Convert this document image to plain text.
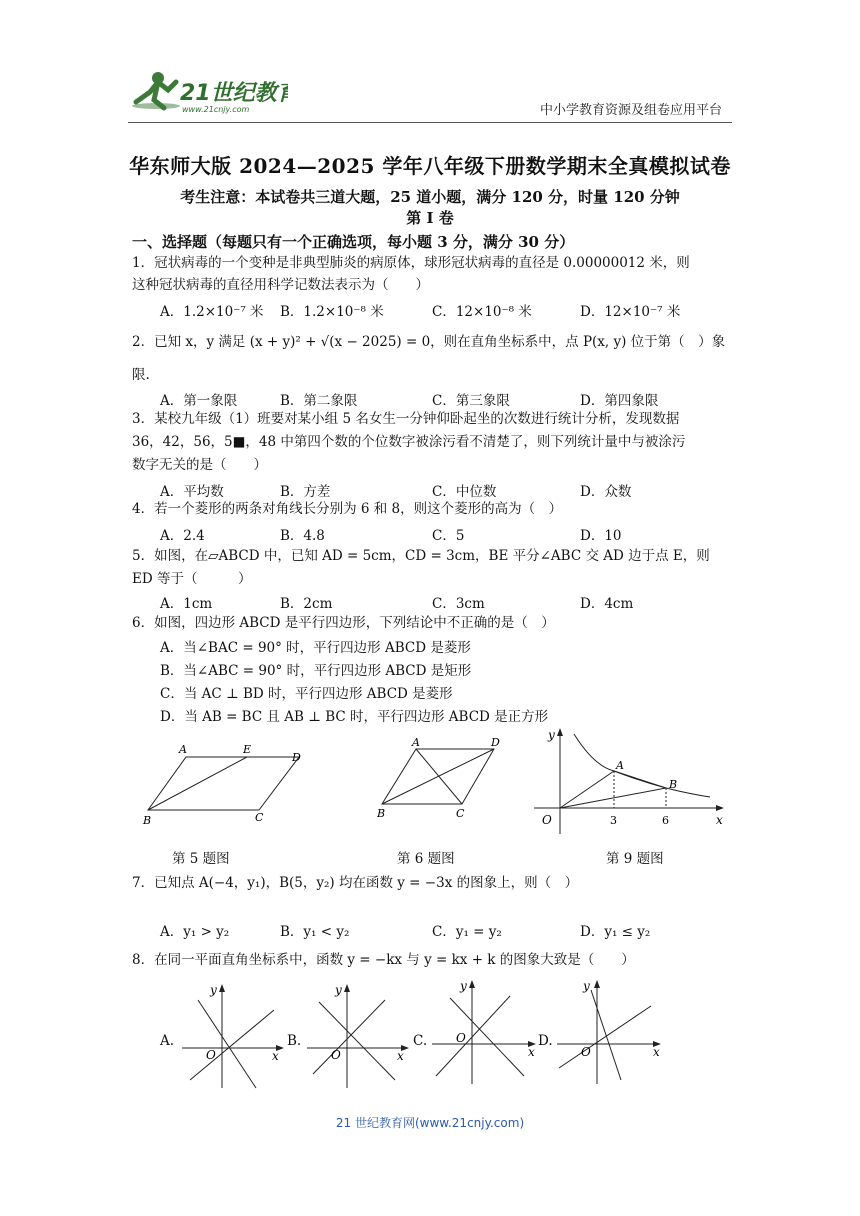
21世纪教育
www.21cnjy.com	中小学教育资源及组卷应用平台
华东师大版 2024—2025 学年八年级下册数学期末全真模拟试卷
考生注意：本试卷共三道大题，25 道小题，满分 120 分，时量 120 分钟
第 I 卷
一、选择题（每题只有一个正确选项，每小题 3 分，满分 30 分）
1．冠状病毒的一个变种是非典型肺炎的病原体，球形冠状病毒的直径是 0.00000012 米，则
这种冠状病毒的直径用科学记数法表示为（　　）
A．1.2×10⁻⁷ 米 B．1.2×10⁻⁸ 米	C．12×10⁻⁸ 米	D．12×10⁻⁷ 米
2．已知 x，y 满足 (x + y)² + √(x − 2025) = 0，则在直角坐标系中，点 P(x, y) 位于第（　）象
限.
A．第一象限	B．第二象限	C．第三象限	D．第四象限
3．某校九年级（1）班要对某小组 5 名女生一分钟仰卧起坐的次数进行统计分析，发现数据
36，42，56，5■，48 中第四个数的个位数字被涂污看不清楚了，则下列统计量中与被涂污
数字无关的是（　　）
A．平均数	B．方差	C．中位数	D．众数
4．若一个菱形的两条对角线长分别为 6 和 8，则这个菱形的高为（　）
A．2.4	B．4.8	C．5	D．10
5．如图，在▱ABCD 中，已知 AD = 5cm，CD = 3cm，BE 平分∠ABC 交 AD 边于点 E，则
ED 等于（　　　）
A．1cm	B．2cm	C．3cm	D．4cm
6．如图，四边形 ABCD 是平行四边形，下列结论中不正确的是（　）
A．当∠BAC = 90° 时，平行四边形 ABCD 是菱形
B．当∠ABC = 90° 时，平行四边形 ABCD 是矩形
C．当 AC ⊥ BD 时，平行四边形 ABCD 是菱形
D．当 AB = BC 且 AB ⊥ BC 时，平行四边形 ABCD 是正方形
A	E
D
B	C
第 5 题图
A	D
B	C
第 6 题图
y
A
B
O	3	6	x
第 9 题图
7．已知点 A(−4，y₁)，B(5，y₂) 均在函数 y = −3x 的图象上，则（　）
A．y₁ > y₂	B．y₁ < y₂	C．y₁ = y₂	D．y₁ ≤ y₂
8．在同一平面直角坐标系中，函数 y = −kx 与 y = kx + k 的图象大致是（　　）
A.
y
O	x
B.
y
O	x
C.
y
O
x
D.
y
O	x
21 世纪教育网(www.21cnjy.com)
